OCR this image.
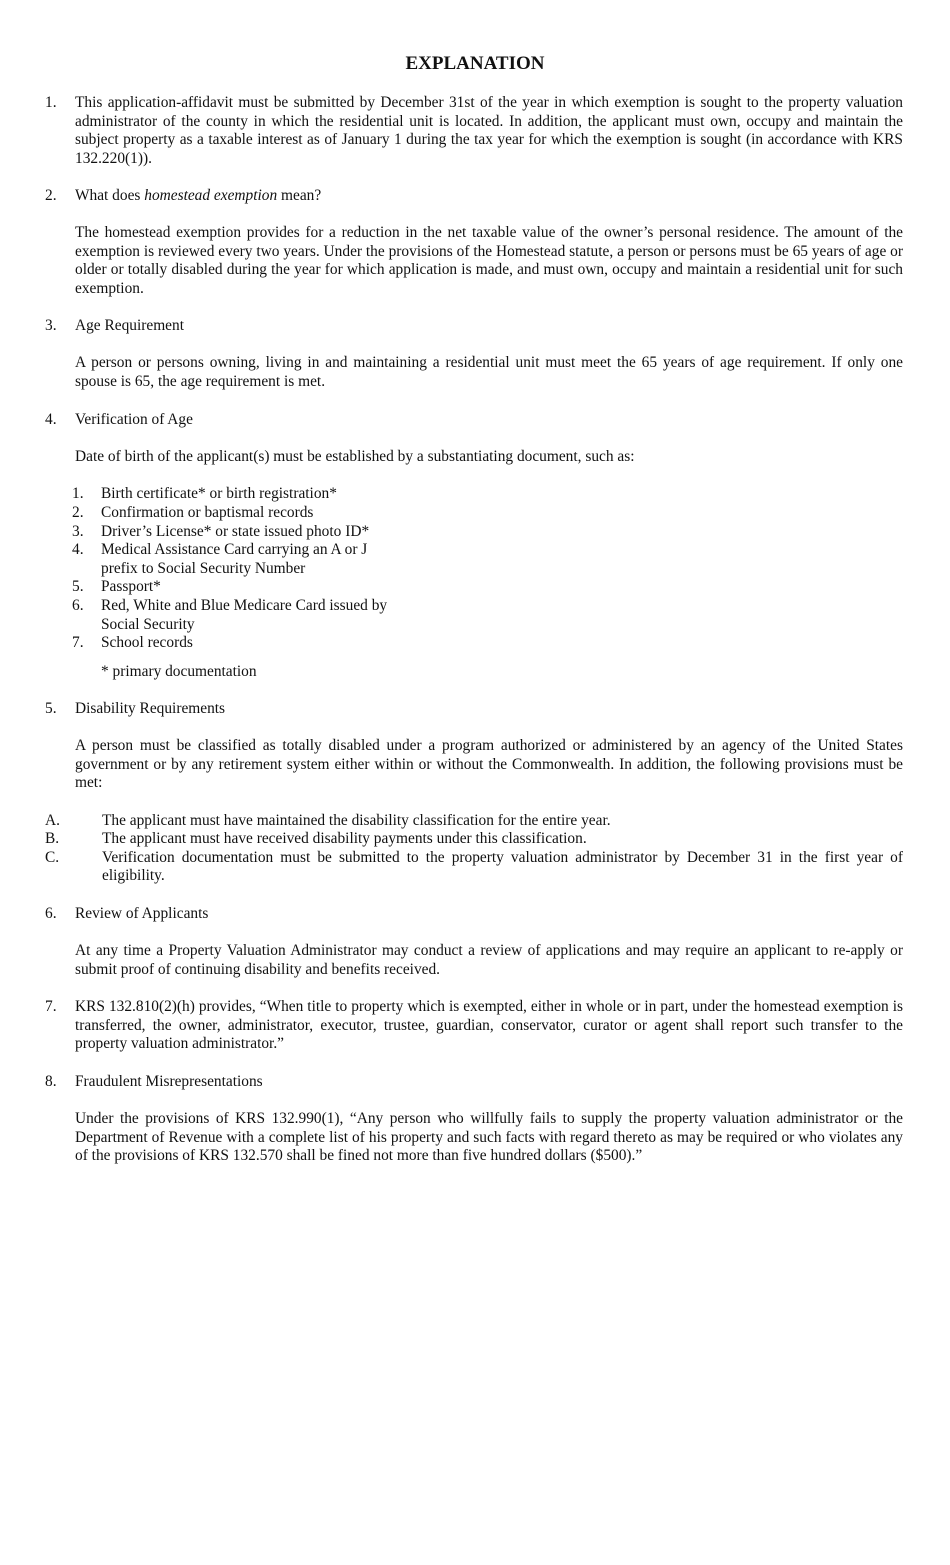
EXPLANATION
1.	This application-affidavit must be submitted by December 31st of the year in which exemption is sought to the property valuation administrator of the county in which the residential unit is located. In addition, the applicant must own, occupy and maintain the subject property as a taxable interest as of January 1 during the tax year for which the exemption is sought (in accordance with KRS 132.220(1)).

2.	What does homestead exemption mean?

The homestead exemption provides for a reduction in the net taxable value of the owner’s personal residence. The amount of the exemption is reviewed every two years. Under the provisions of the Homestead statute, a person or persons must be 65 years of age or older or totally disabled during the year for which application is made, and must own, occupy and maintain a residential unit for such exemption.

3.	Age Requirement

A person or persons owning, living in and maintaining a residential unit must meet the 65 years of age requirement. If only one spouse is 65, the age requirement is met.

4.	Verification of Age

Date of birth of the applicant(s) must be established by a substantiating document, such as:

1. Birth certificate* or birth registration*
2. Confirmation or baptismal records
3. Driver’s License* or state issued photo ID*
4. Medical Assistance Card carrying an A or J prefix to Social Security Number
5. Passport*
6. Red, White and Blue Medicare Card issued by Social Security
7. School records

* primary documentation

5.	Disability Requirements

A person must be classified as totally disabled under a program authorized or administered by an agency of the United States government or by any retirement system either within or without the Commonwealth. In addition, the following provisions must be met:

A.	The applicant must have maintained the disability classification for the entire year.
B.	The applicant must have received disability payments under this classification.
C.	Verification documentation must be submitted to the property valuation administrator by December 31 in the first year of eligibility.
6.	Review of Applicants

At any time a Property Valuation Administrator may conduct a review of applications and may require an applicant to re-apply or submit proof of continuing disability and benefits received.

7.	KRS 132.810(2)(h) provides, “When title to property which is exempted, either in whole or in part, under the homestead exemption is transferred, the owner, administrator, executor, trustee, guardian, conservator, curator or agent shall report such transfer to the property valuation administrator.”

8.	Fraudulent Misrepresentations

Under the provisions of KRS 132.990(1), “Any person who willfully fails to supply the property valuation administrator or the Department of Revenue with a complete list of his property and such facts with regard thereto as may be required or who violates any of the provisions of KRS 132.570 shall be fined not more than five hundred dollars ($500).”
